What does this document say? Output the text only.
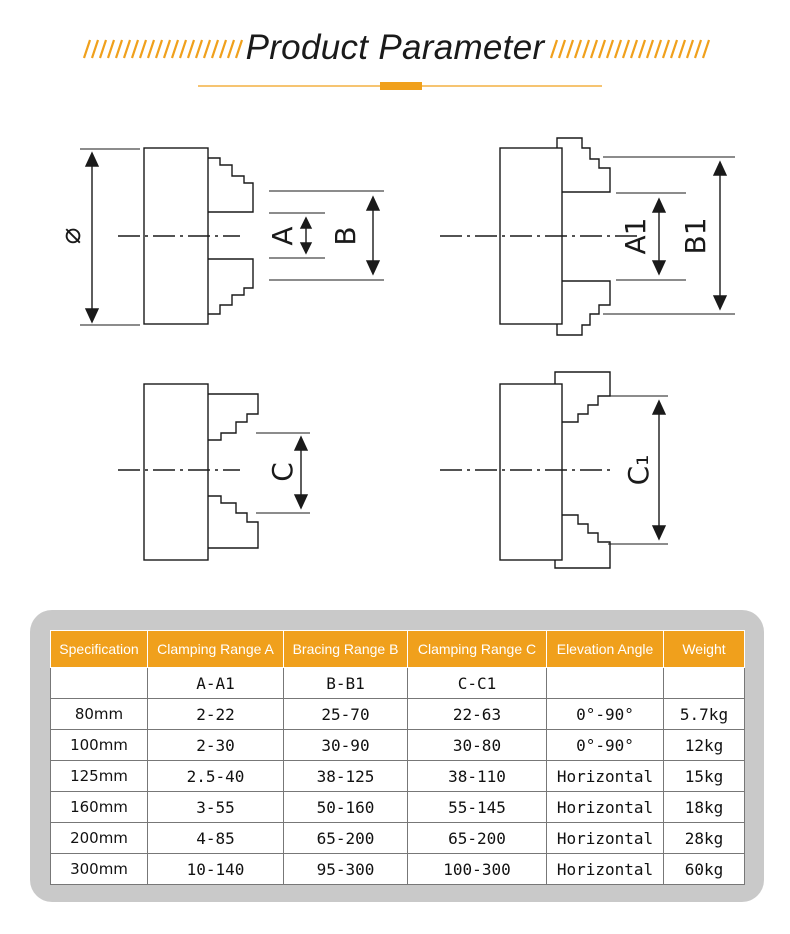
Product Parameter
⌀	A B	A1 B1
C	C₁
Specification	Clamping Range A	Bracing Range B	Clamping Range C	Elevation Angle	Weight
	A-A1	B-B1	C-C1		
80mm	2-22	25-70	22-63	0°-90°	5.7kg
100mm	2-30	30-90	30-80	0°-90°	12kg
125mm	2.5-40	38-125	38-110	Horizontal	15kg
160mm	3-55	50-160	55-145	Horizontal	18kg
200mm	4-85	65-200	65-200	Horizontal	28kg
300mm	10-140	95-300	100-300	Horizontal	60kg
